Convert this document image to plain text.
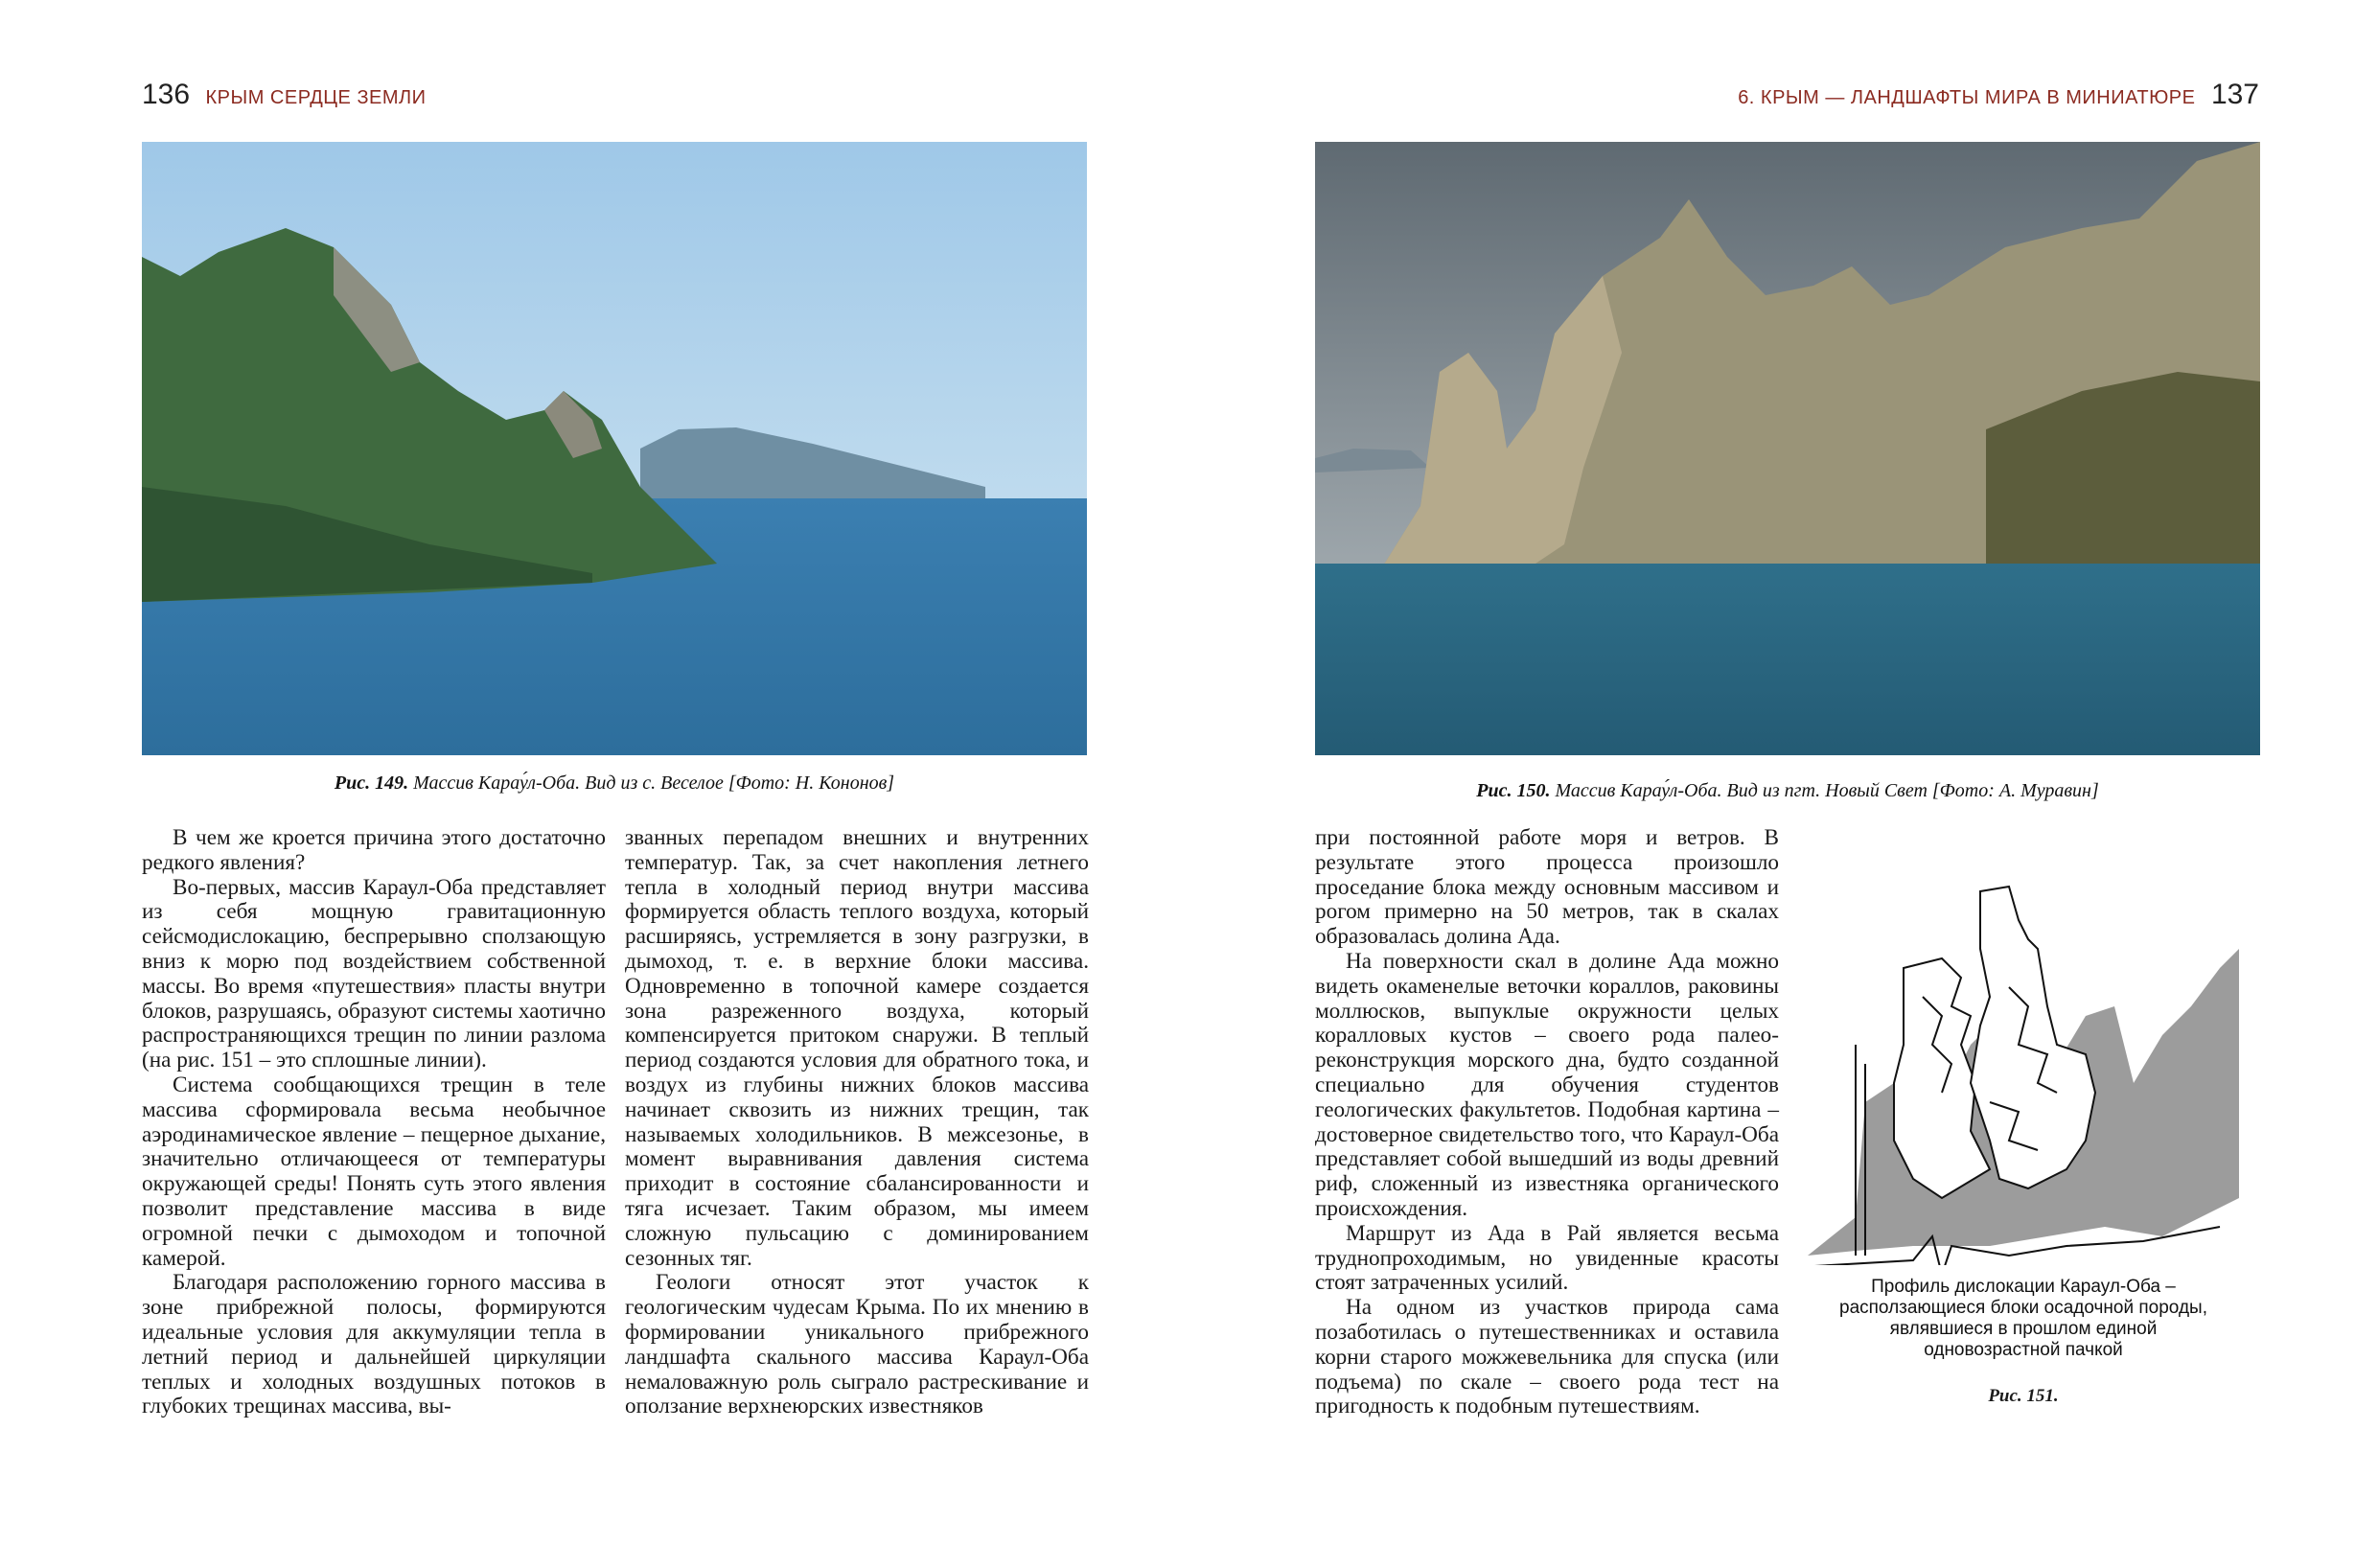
136 КРЫМ СЕРДЦЕ ЗЕМЛИ	6. КРЫМ — ЛАНДШАФТЫ МИРА В МИНИАТЮРЕ 137
Рис. 149. Массив Карау́л-Оба. Вид из с. Веселое [Фото: Н. Кононов]	Рис. 150. Массив Карау́л-Оба. Вид из пгт. Новый Свет [Фото: А. Муравин]

В чем же кроется причина этого достаточно редкого явления?

Во-первых, массив Караул-Оба представляет из себя мощную гравитационную сейсмодислокацию, беспрерывно сползающую вниз к морю под воздействием собственной массы. Во время «путешествия» пласты внутри блоков, разрушаясь, образуют системы хаотично распространяющихся трещин по линии разлома (на рис. 151 – это сплошные линии).

Система сообщающихся трещин в теле массива сформировала весьма необычное аэродинамическое явление – пещерное дыхание, значительно отличающееся от температуры окружающей среды! Понять суть этого явления позволит представление массива в виде огромной печки с дымоходом и топочной камерой.

Благодаря расположению горного массива в зоне прибрежной полосы, формируются идеальные условия для аккумуляции тепла в летний период и дальнейшей циркуляции теплых и холодных воздушных потоков в глубоких трещинах массива, вы-

званных перепадом внешних и внутренних температур. Так, за счет накопления летнего тепла в холодный период внутри массива формируется область теплого воздуха, который расширяясь, устремляется в зону разгрузки, в дымоход, т. е. в верхние блоки массива. Одновременно в топочной камере создается зона разреженного воздуха, который компенсируется притоком снаружи. В теплый период создаются условия для обратного тока, и воздух из глубины нижних блоков массива начинает сквозить из нижних трещин, так называемых холодильников. В межсезонье, в момент выравнивания давления система приходит в состояние сбалансированности и тяга исчезает. Таким образом, мы имеем сложную пульсацию с доминированием сезонных тяг.

Геологи относят этот участок к геологическим чудесам Крыма. По их мнению в формировании уникального прибрежного ландшафта скального массива Караул-Оба немаловажную роль сыграло растрескивание и оползание верхнеюрских известняков

при постоянной работе моря и ветров. В результате этого процесса произошло проседание блока между основным массивом и рогом примерно на 50 метров, так в скалах образовалась долина Ада.

На поверхности скал в долине Ада можно видеть окаменелые веточки кораллов, раковины моллюсков, выпуклые окружности целых коралловых кустов – своего рода палео-реконструкция морского дна, будто созданной специально для обучения студентов геологических факультетов. Подобная картина – достоверное свидетельство того, что Караул-Оба представляет собой вышедший из воды древний риф, сложенный из известняка органического происхождения.

Маршрут из Ада в Рай является весьма труднопроходимым, но увиденные красоты стоят затраченных усилий.

На одном из участков природа сама позаботилась о путешественниках и оставила корни старого можжевельника для спуска (или подъема) по скале – своего рода тест на пригодность к подобным путешествиям.

Профиль дислокации Караул-Оба –
расползающиеся блоки осадочной породы,
являвшиеся в прошлом единой
одновозрастной пачкой
Рис. 151.
